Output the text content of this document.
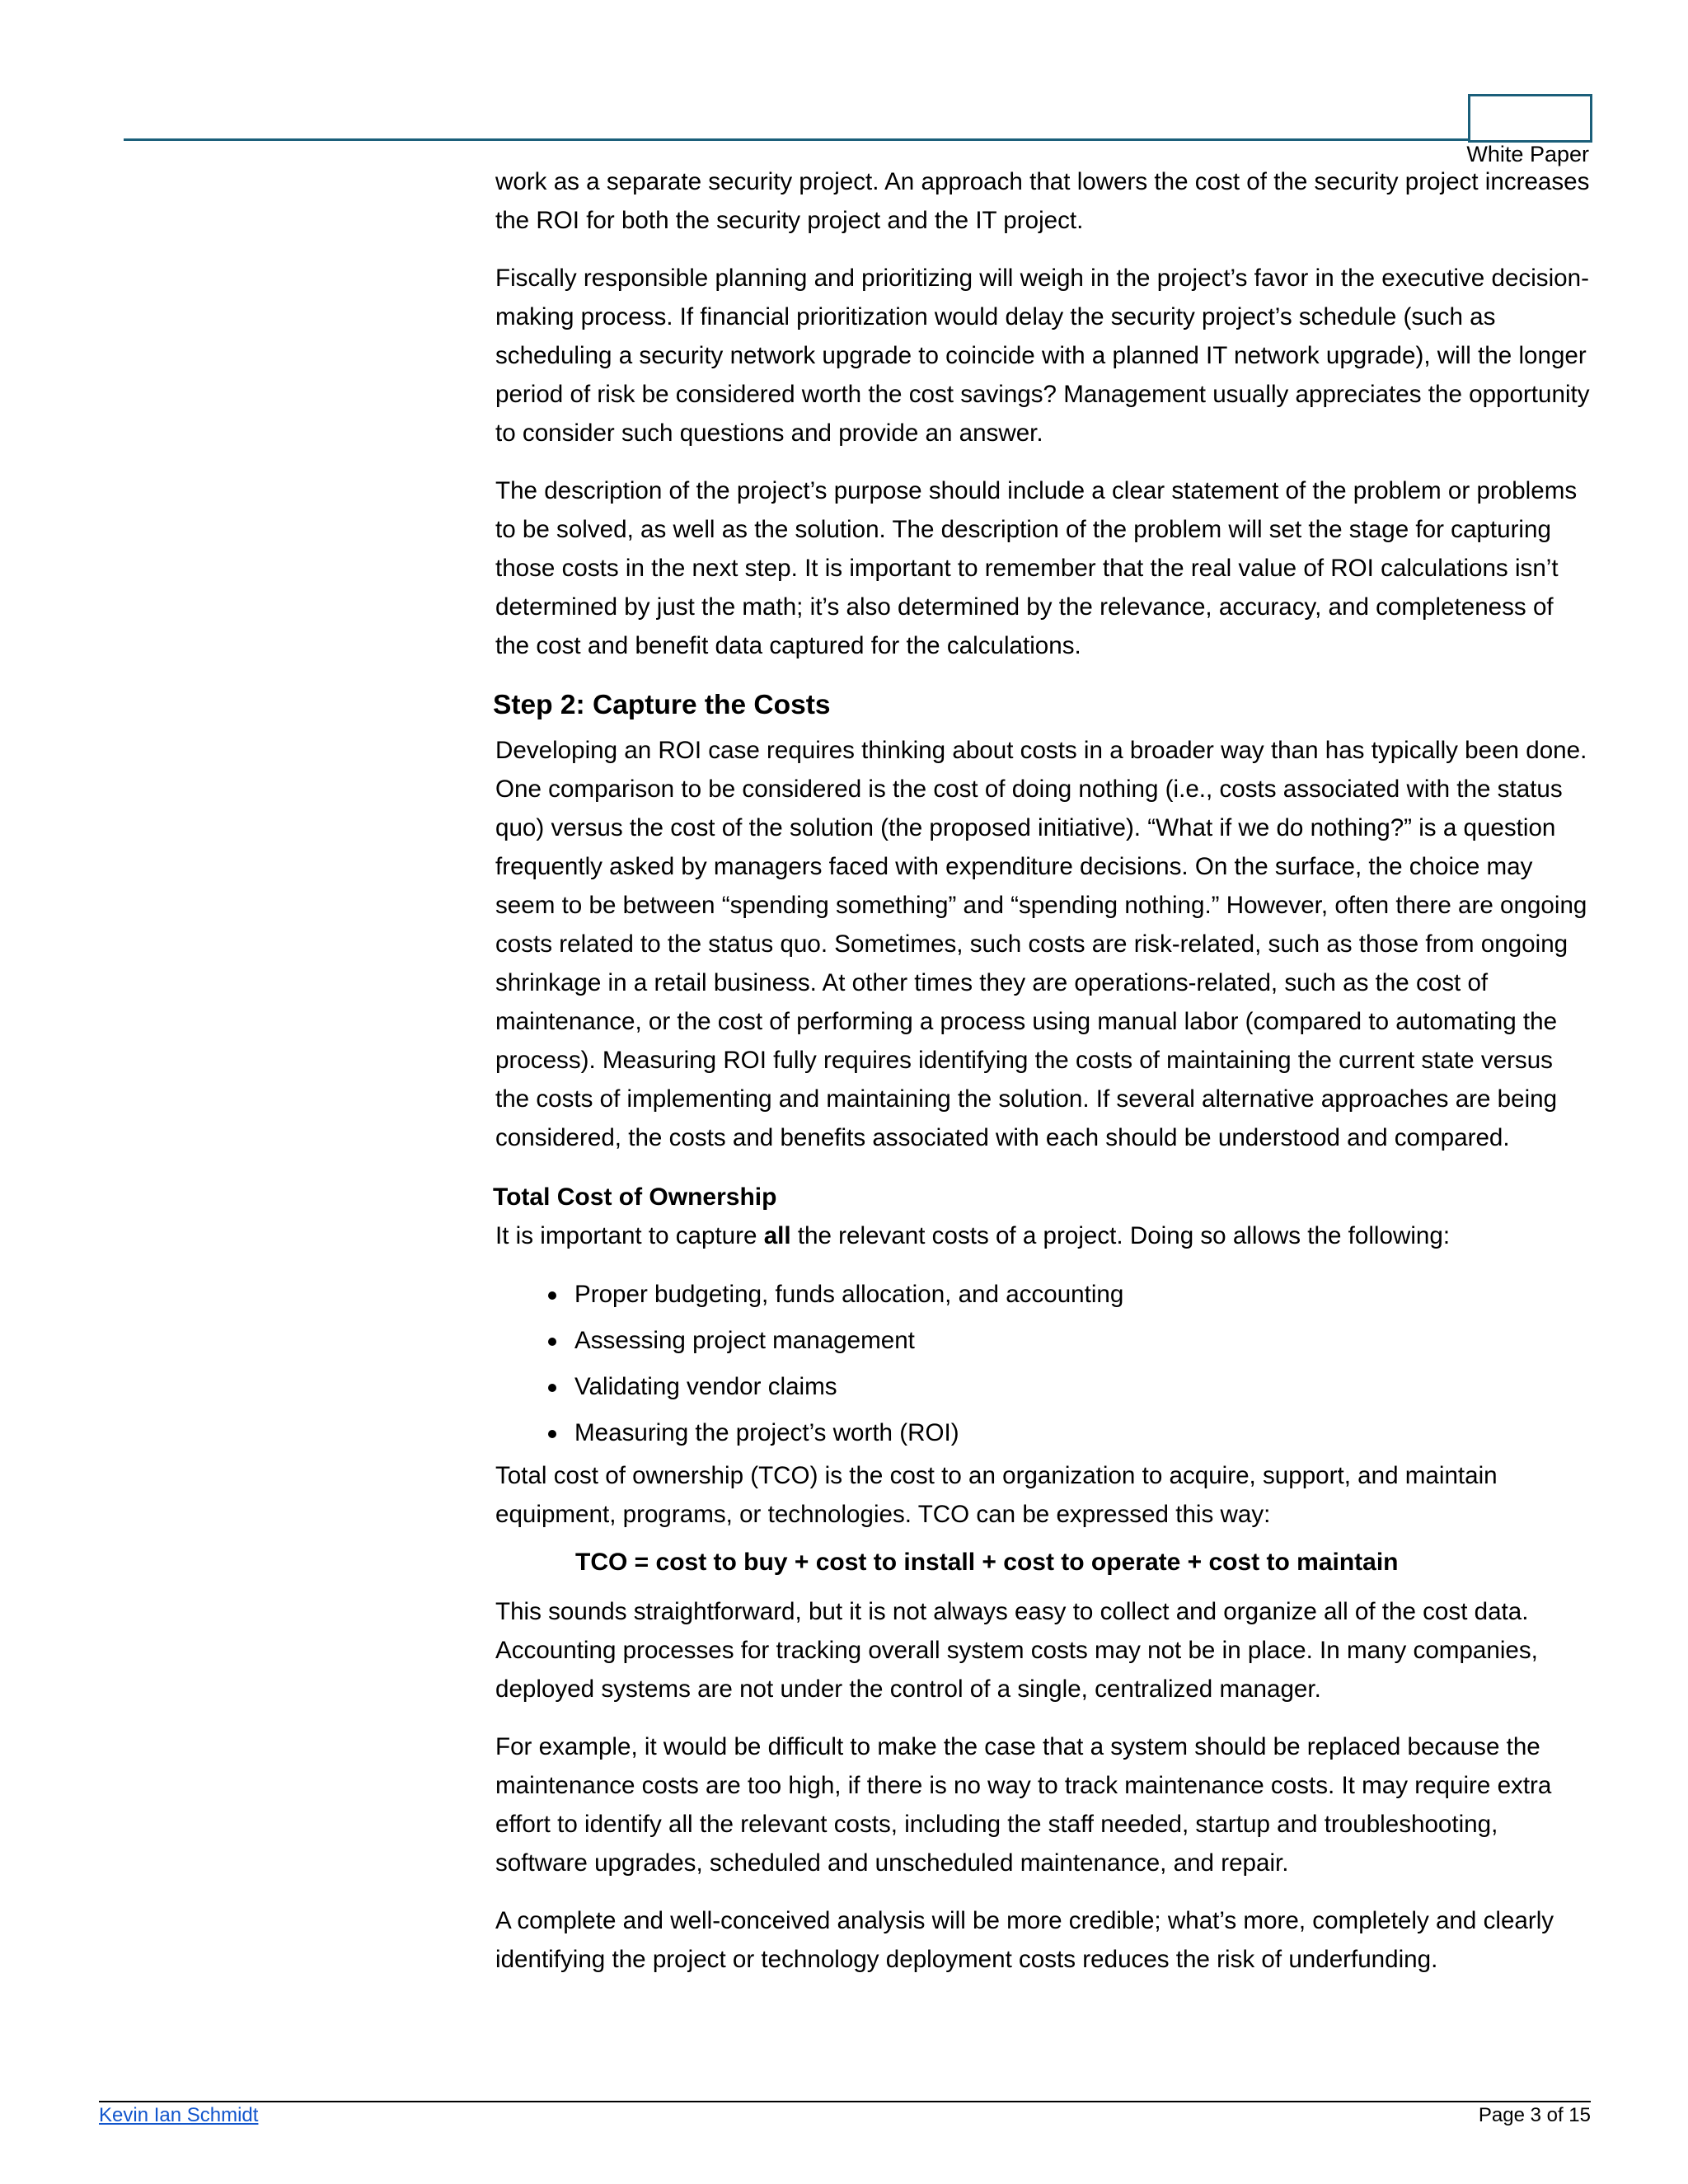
White Paper

work as a separate security project. An approach that lowers the cost of the security project increases the ROI for both the security project and the IT project.

Fiscally responsible planning and prioritizing will weigh in the project’s favor in the executive decision-making process. If financial prioritization would delay the security project’s schedule (such as scheduling a security network upgrade to coincide with a planned IT network upgrade), will the longer period of risk be considered worth the cost savings? Management usually appreciates the opportunity to consider such questions and provide an answer.

The description of the project’s purpose should include a clear statement of the problem or problems to be solved, as well as the solution. The description of the problem will set the stage for capturing those costs in the next step. It is important to remember that the real value of ROI calculations isn’t determined by just the math; it’s also determined by the relevance, accuracy, and completeness of the cost and benefit data captured for the calculations.

Step 2: Capture the Costs

Developing an ROI case requires thinking about costs in a broader way than has typically been done. One comparison to be considered is the cost of doing nothing (i.e., costs associated with the status quo) versus the cost of the solution (the proposed initiative). “What if we do nothing?” is a question frequently asked by managers faced with expenditure decisions. On the surface, the choice may seem to be between “spending something” and “spending nothing.” However, often there are ongoing costs related to the status quo. Sometimes, such costs are risk-related, such as those from ongoing shrinkage in a retail business. At other times they are operations-related, such as the cost of maintenance, or the cost of performing a process using manual labor (compared to automating the process). Measuring ROI fully requires identifying the costs of maintaining the current state versus the costs of implementing and maintaining the solution. If several alternative approaches are being considered, the costs and benefits associated with each should be understood and compared.

Total Cost of Ownership

It is important to capture all the relevant costs of a project. Doing so allows the following:

Proper budgeting, funds allocation, and accounting
Assessing project management
Validating vendor claims
Measuring the project’s worth (ROI)

Total cost of ownership (TCO) is the cost to an organization to acquire, support, and maintain equipment, programs, or technologies. TCO can be expressed this way:

TCO = cost to buy + cost to install + cost to operate + cost to maintain

This sounds straightforward, but it is not always easy to collect and organize all of the cost data. Accounting processes for tracking overall system costs may not be in place. In many companies, deployed systems are not under the control of a single, centralized manager.

For example, it would be difficult to make the case that a system should be replaced because the maintenance costs are too high, if there is no way to track maintenance costs. It may require extra effort to identify all the relevant costs, including the staff needed, startup and troubleshooting, software upgrades, scheduled and unscheduled maintenance, and repair.

A complete and well-conceived analysis will be more credible; what’s more, completely and clearly identifying the project or technology deployment costs reduces the risk of underfunding.

Kevin Ian Schmidt	Page 3 of 15
